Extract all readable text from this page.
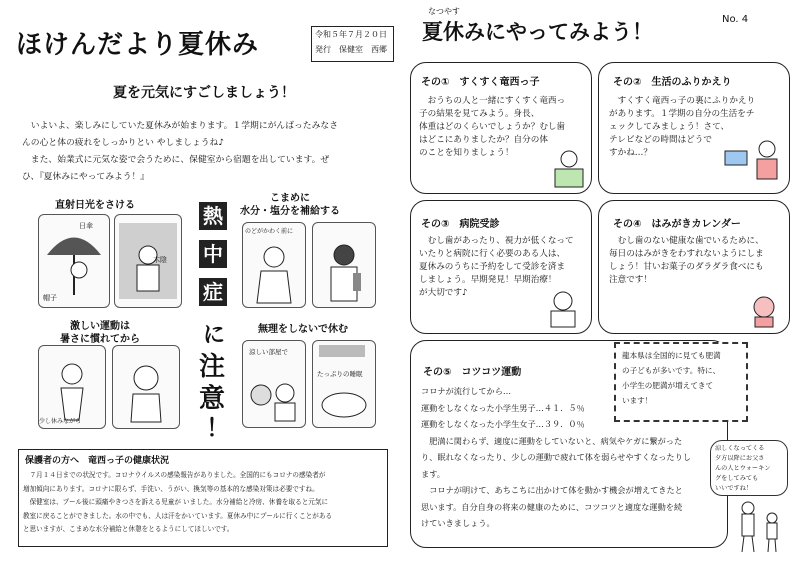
ほけんだより夏休み	令和５年７月２０日
発行　保健室　西郷
夏を元気にすごしましょう！
　いよいよ、楽しみにしていた夏休みが始まります。１学期にがんばったみなさ
んの心と体の疲れをしっかりとい やしましょうね♪
　また、始業式に元気な姿で会うために、保健室から宿題を出しています。ぜ
ひ、『夏休みにやってみよう！』
直射日光をさける
こまめに
水分・塩分を補給する
激しい運動は
暑さに慣れてから
無理をしないで休む
日傘
帽子
木陰
のどがかわく前に
少し休みながら
涼しい部屋で
たっぷりの睡眠
熱
中
症
に
注
意
！
保護者の方へ　竜西っ子の健康状況
　７月１４日までの状況です。コロナウイルスの感染報告がありました。全国的にもコロナの感染者が
増加傾向にあります。コロナに限らず、手洗い、うがい、換気等の基本的な感染対策は必要ですね。
　保健室は、プール後に頭痛やきつさを訴える児童が いました。水分補給と冷房、休養を取ると元気に
教室に戻ることができました。水の中でも、人は汗をかいています。夏休み中にプールに行くことがある
と思いますが、こまめな水分補給と休憩をとるようにしてほしいです。
なつやす
夏休みにやってみよう！
No. 4
その①　すくすく竜西っ子
　おうちの人と一緒にすくすく竜西っ
子の結果を見てみよう。身長、
体重はどのくらいでしょうか？むし歯
はどこにありましたか？自分の体
のことを知りましょう！
その②　生活のふりかえり
　すくすく竜西っ子の裏にふりかえり
があります。１学期の自分の生活をチ
ェックしてみましょう！さて、
テレビなどの時間はどうで
すかね…？
その③　病院受診
　むし歯があったり、視力が低くなって
いたりと病院に行く必要のある人は、
夏休みのうちに予約をして受診を済ま
しましょう。早期発見！早期治療！
が大切です♪
その④　はみがきカレンダー
　むし歯のない健康な歯でいるために、
毎日のはみがきをわすれないようにしま
しょう！甘いお菓子のダラダラ食べにも
注意です！
その⑤　コツコツ運動
コロナが流行してから…
運動をしなくなった小学生男子…４１．５％
運動をしなくなった小学生女子…３９．０％
　肥満に関わらず、適度に運動をしていないと、病気やケガに繋がった
り、眠れなくなったり、少しの運動で疲れて体を弱らせやすくなったりし
ます。
　コロナが明けて、あちこちに出かけて体を動かす機会が増えてきたと
思います。自分自身の将来の健康のために、コツコツと適度な運動を続
けていきましょう。
龍本県は全国的に見ても肥満
の子どもが多いです。特に、
小学生の肥満が増えてきて
います！
涼しくなってくる
夕方以降にお父さ
んの人とウォーキン
グをしてみても
いいですね！
